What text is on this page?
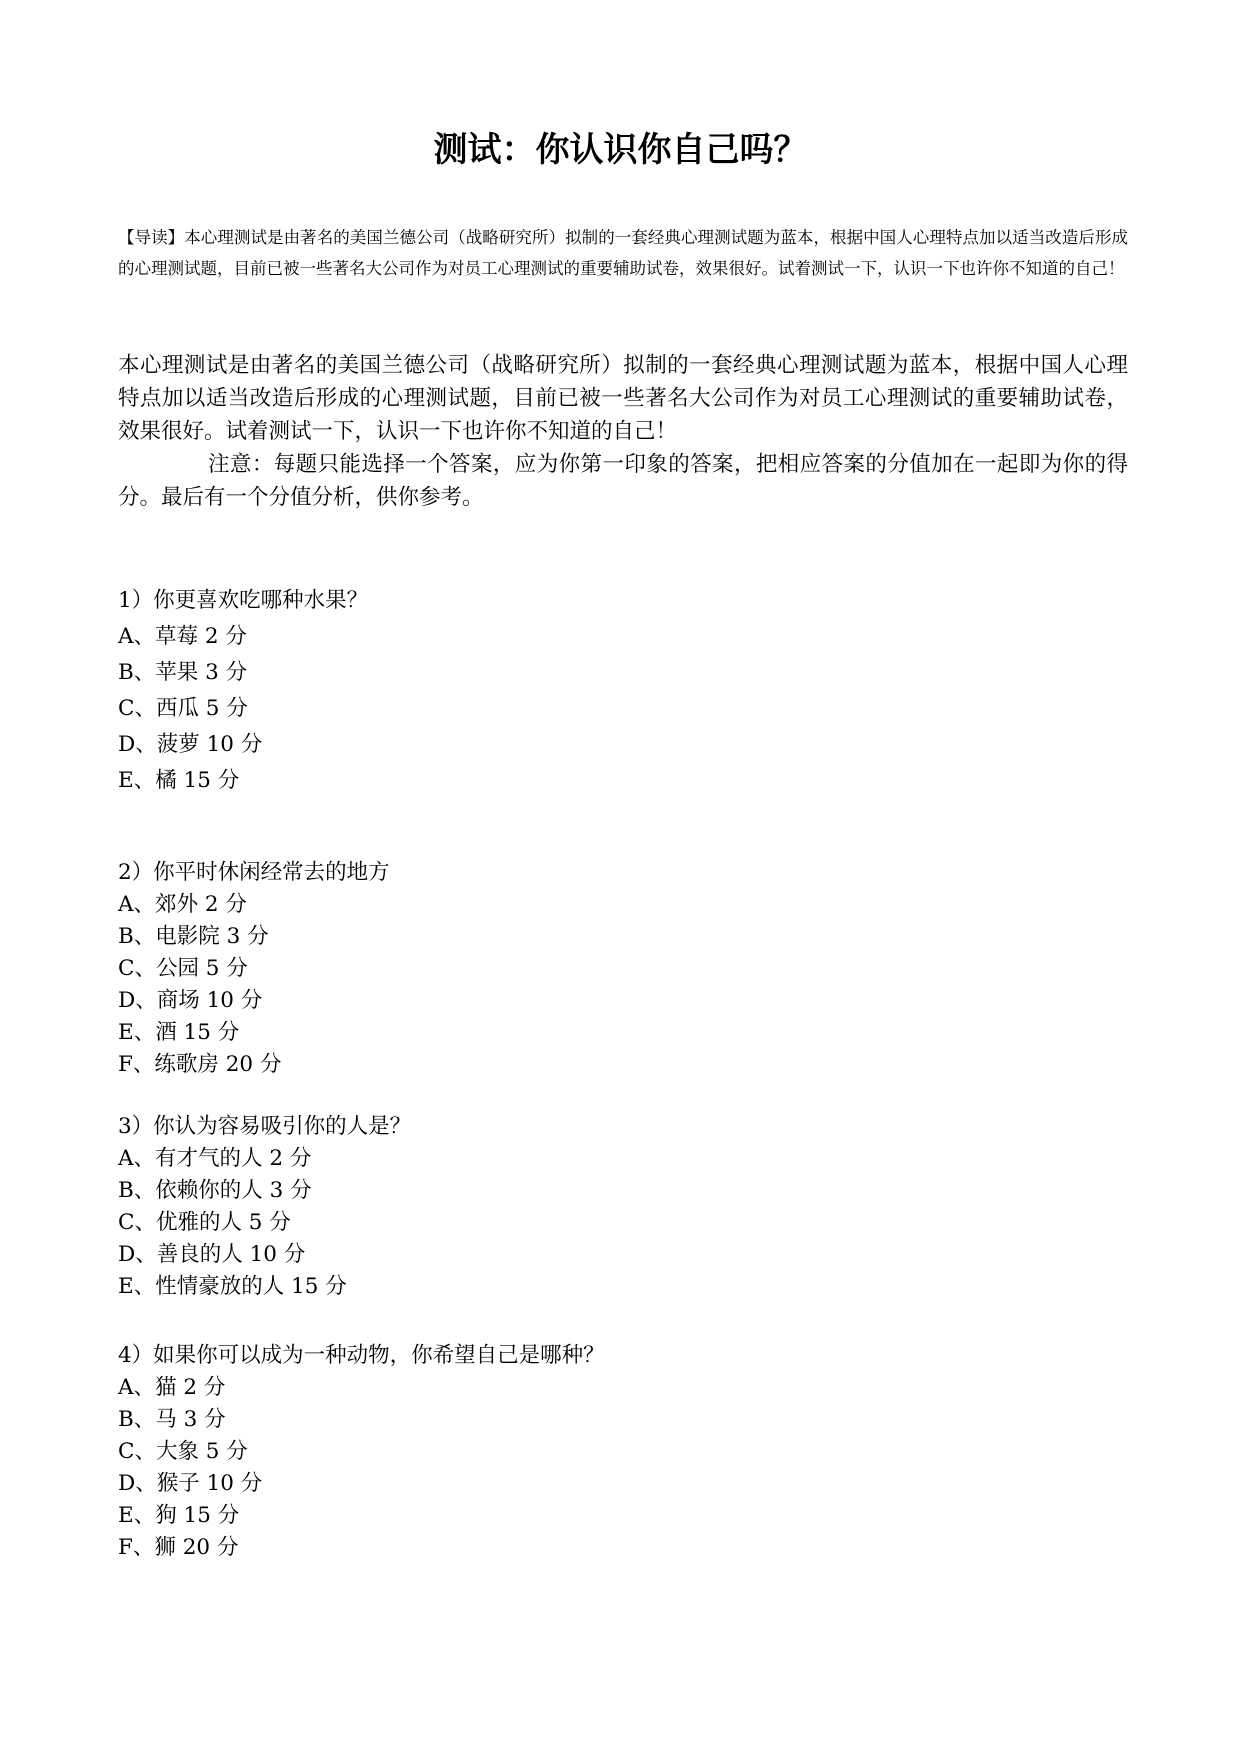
测试：你认识你自己吗？
【导读】本心理测试是由著名的美国兰德公司（战略研究所）拟制的一套经典心理测试题为蓝本，根据中国人心理特点加以适当改造后形成的心理测试题，目前已被一些著名大公司作为对员工心理测试的重要辅助试卷，效果很好。试着测试一下，认识一下也许你不知道的自己！
本心理测试是由著名的美国兰德公司（战略研究所）拟制的一套经典心理测试题为蓝本，根据中国人心理特点加以适当改造后形成的心理测试题，目前已被一些著名大公司作为对员工心理测试的重要辅助试卷，效果很好。试着测试一下，认识一下也许你不知道的自己！
注意：每题只能选择一个答案，应为你第一印象的答案，把相应答案的分值加在一起即为你的得分。最后有一个分值分析，供你参考。
1）你更喜欢吃哪种水果？
A、草莓 2 分
B、苹果 3 分
C、西瓜 5 分
D、菠萝 10 分
E、橘 15 分
2）你平时休闲经常去的地方
A、郊外 2 分
B、电影院 3 分
C、公园 5 分
D、商场 10 分
E、酒 15 分
F、练歌房 20 分
3）你认为容易吸引你的人是？
A、有才气的人 2 分
B、依赖你的人 3 分
C、优雅的人 5 分
D、善良的人 10 分
E、性情豪放的人 15 分
4）如果你可以成为一种动物，你希望自己是哪种？
A、猫 2 分
B、马 3 分
C、大象 5 分
D、猴子 10 分
E、狗 15 分
F、狮 20 分
